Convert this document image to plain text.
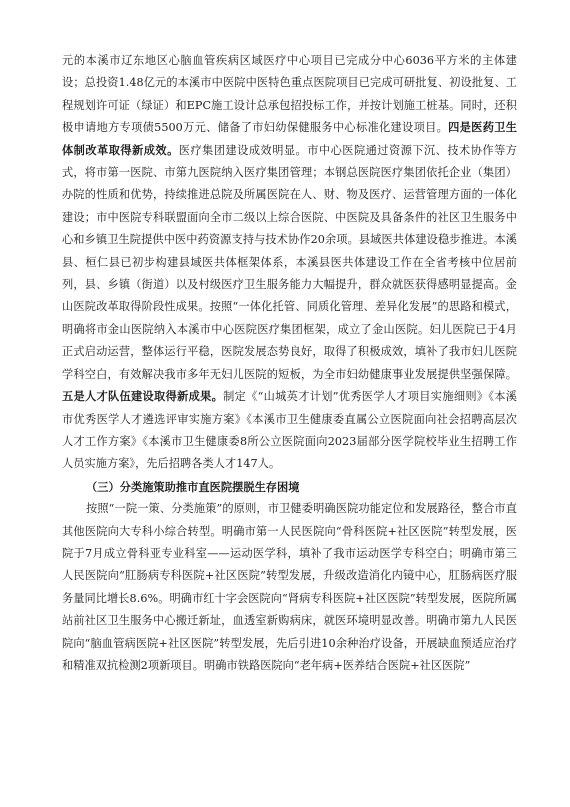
元的本溪市辽东地区心脑血管疾病区域医疗中心项目已完成分中心6036平方米的主体建设；总投资1.48亿元的本溪市中医院中医特色重点医院项目已完成可研批复、初设批复、工程规划许可证（绿证）和EPC施工设计总承包招投标工作，并按计划施工桩基。同时，还积极申请地方专项债5500万元、储备了市妇幼保健服务中心标准化建设项目。四是医药卫生体制改革取得新成效。医疗集团建设成效明显。市中心医院通过资源下沉、技术协作等方式，将市第一医院、市第九医院纳入医疗集团管理；本钢总医院医疗集团依托企业（集团）办院的性质和优势，持续推进总院及所属医院在人、财、物及医疗、运营管理方面的一体化建设；市中医院专科联盟面向全市二级以上综合医院、中医院及具备条件的社区卫生服务中心和乡镇卫生院提供中医中药资源支持与技术协作20余项。县域医共体建设稳步推进。本溪县、桓仁县已初步构建县域医共体框架体系，本溪县医共体建设工作在全省考核中位居前列，县、乡镇（街道）以及村级医疗卫生服务能力大幅提升，群众就医获得感明显提高。金山医院改革取得阶段性成果。按照“一体化托管、同质化管理、差异化发展”的思路和模式，明确将市金山医院纳入本溪市中心医院医疗集团框架，成立了金山医院。妇儿医院已于4月正式启动运营，整体运行平稳，医院发展态势良好，取得了积极成效，填补了我市妇儿医院学科空白，有效解决我市多年无妇儿医院的短板，为全市妇幼健康事业发展提供坚强保障。五是人才队伍建设取得新成果。制定《“山城英才计划”优秀医学人才项目实施细则》《本溪市优秀医学人才遴选评审实施方案》《本溪市卫生健康委直属公立医院面向社会招聘高层次人才工作方案》《本溪市卫生健康委8所公立医院面向2023届部分医学院校毕业生招聘工作人员实施方案》，先后招聘各类人才147人。

（三）分类施策助推市直医院摆脱生存困境

按照“一院一策、分类施策”的原则，市卫健委明确医院功能定位和发展路径，整合市直其他医院向大专科小综合转型。明确市第一人民医院向“骨科医院+社区医院”转型发展，医院于7月成立骨科亚专业科室——运动医学科，填补了我市运动医学专科空白；明确市第三人民医院向“肛肠病专科医院+社区医院”转型发展，升级改造消化内镜中心，肛肠病医疗服务量同比增长8.6%。明确市红十字会医院向“肾病专科医院+社区医院”转型发展，医院所属站前社区卫生服务中心搬迁新址，血透室新购病床，就医环境明显改善。明确市第九人民医院向“脑血管病医院+社区医院”转型发展，先后引进10余种治疗设备，开展缺血预适应治疗和精准双抗检测2项新项目。明确市铁路医院向“老年病+医养结合医院+社区医院”
